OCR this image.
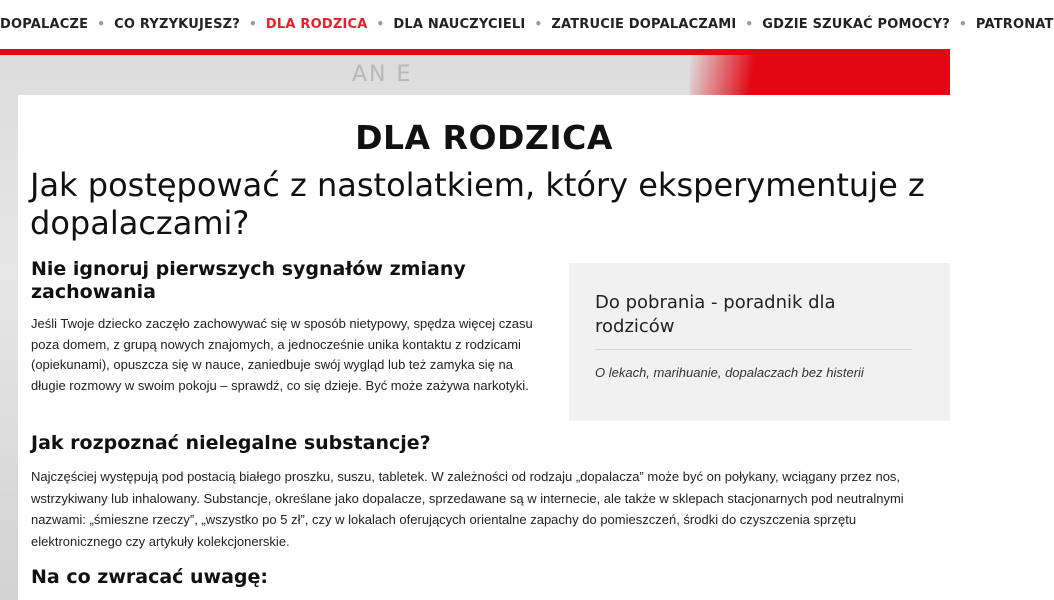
DOPALACZE • CO RYZYKUJESZ? • DLA RODZICA • DLA NAUCZYCIELI • ZATRUCIE DOPALACZAMI • GDZIE SZUKAĆ POMOCY? • PATRONAT
AN E
DLA RODZICA
Jak postępować z nastolatkiem, który eksperymentuje z dopalaczami?
Nie ignoruj pierwszych sygnałów zmiany zachowania

Jeśli Twoje dziecko zaczęło zachowywać się w sposób nietypowy, spędza więcej czasu poza domem, z grupą nowych znajomych, a jednocześnie unika kontaktu z rodzicami (opiekunami), opuszcza się w nauce, zaniedbuje swój wygląd lub też zamyka się na długie rozmowy w swoim pokoju – sprawdź, co się dzieje. Być może zażywa narkotyki.

Do pobrania - poradnik dla rodziców
O lekach, marihuanie, dopalaczach bez histerii
Jak rozpoznać nielegalne substancje?

Najczęściej występują pod postacią białego proszku, suszu, tabletek. W zależności od rodzaju „dopalacza” może być on połykany, wciągany przez nos, wstrzykiwany lub inhalowany. Substancje, określane jako dopalacze, sprzedawane są w internecie, ale także w sklepach stacjonarnych pod neutralnymi nazwami: „śmieszne rzeczy”, „wszystko po 5 zł”, czy w lokalach oferujących orientalne zapachy do pomieszczeń, środki do czyszczenia sprzętu elektronicznego czy artykuły kolekcjonerskie.

Na co zwracać uwagę:
